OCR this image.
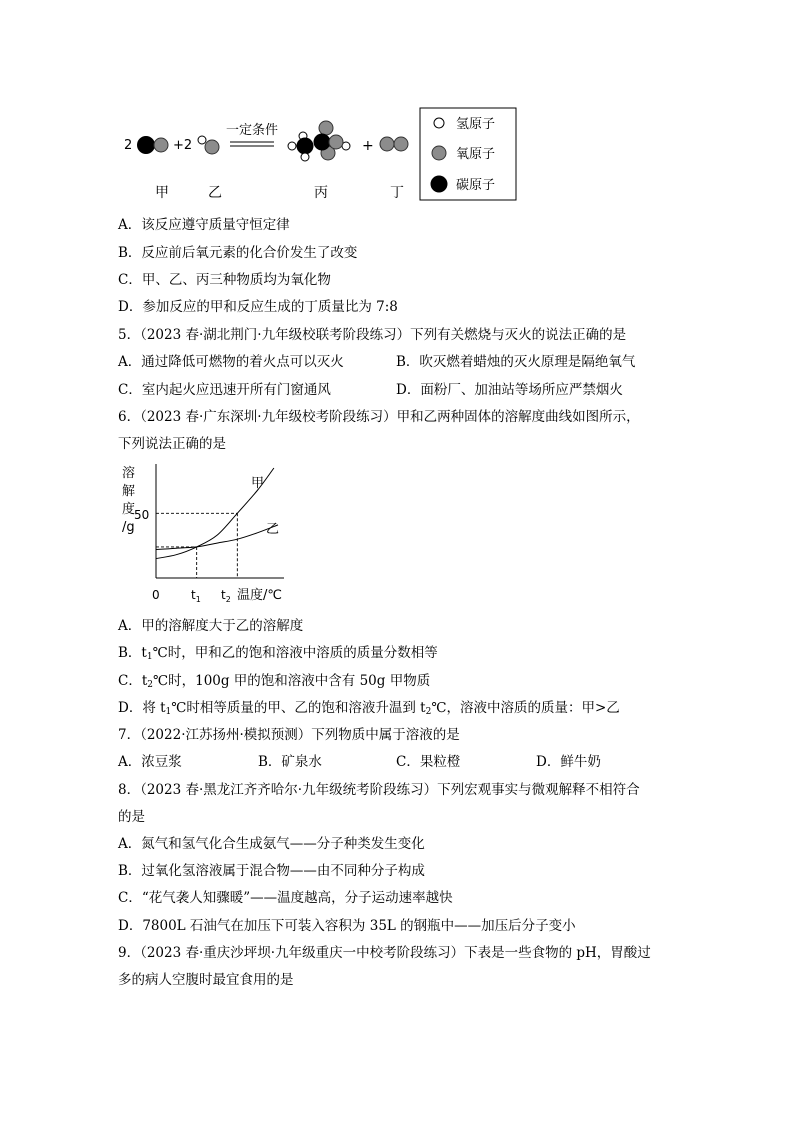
2	+2
一定条件
+
甲	乙	丙	丁
氢原子
氧原子
碳原子
A．该反应遵守质量守恒定律
B．反应前后氧元素的化合价发生了改变
C．甲、乙、丙三种物质均为氧化物
D．参加反应的甲和反应生成的丁质量比为 7:8
5．（2023 春·湖北荆门·九年级校联考阶段练习）下列有关燃烧与灭火的说法正确的是
A．通过降低可燃物的着火点可以灭火	B．吹灭燃着蜡烛的灭火原理是隔绝氧气
C．室内起火应迅速开所有门窗通风	D．面粉厂、加油站等场所应严禁烟火
6．（2023 春·广东深圳·九年级校考阶段练习）甲和乙两种固体的溶解度曲线如图所示，
下列说法正确的是
溶
解
度
/g
甲
乙
50
0	$t_1$ $t_2$ 温度/℃
A．甲的溶解度大于乙的溶解度
B．$t_1℃$时，甲和乙的饱和溶液中溶质的质量分数相等
C．$t_2℃$时，100g 甲的饱和溶液中含有 50g 甲物质
D．将 $t_1℃$时相等质量的甲、乙的饱和溶液升温到 $t_2℃$，溶液中溶质的质量：甲>乙
7．（2022·江苏扬州·模拟预测）下列物质中属于溶液的是
A．浓豆浆	B．矿泉水	C．果粒橙	D．鲜牛奶
8．（2023 春·黑龙江齐齐哈尔·九年级统考阶段练习）下列宏观事实与微观解释不相符合
的是
A．氮气和氢气化合生成氨气——分子种类发生变化
B．过氧化氢溶液属于混合物——由不同种分子构成
C．“花气袭人知骤暖”——温度越高，分子运动速率越快
D．7800L 石油气在加压下可装入容积为 35L 的钢瓶中——加压后分子变小
9．（2023 春·重庆沙坪坝·九年级重庆一中校考阶段练习）下表是一些食物的 pH，胃酸过
多的病人空腹时最宜食用的是
